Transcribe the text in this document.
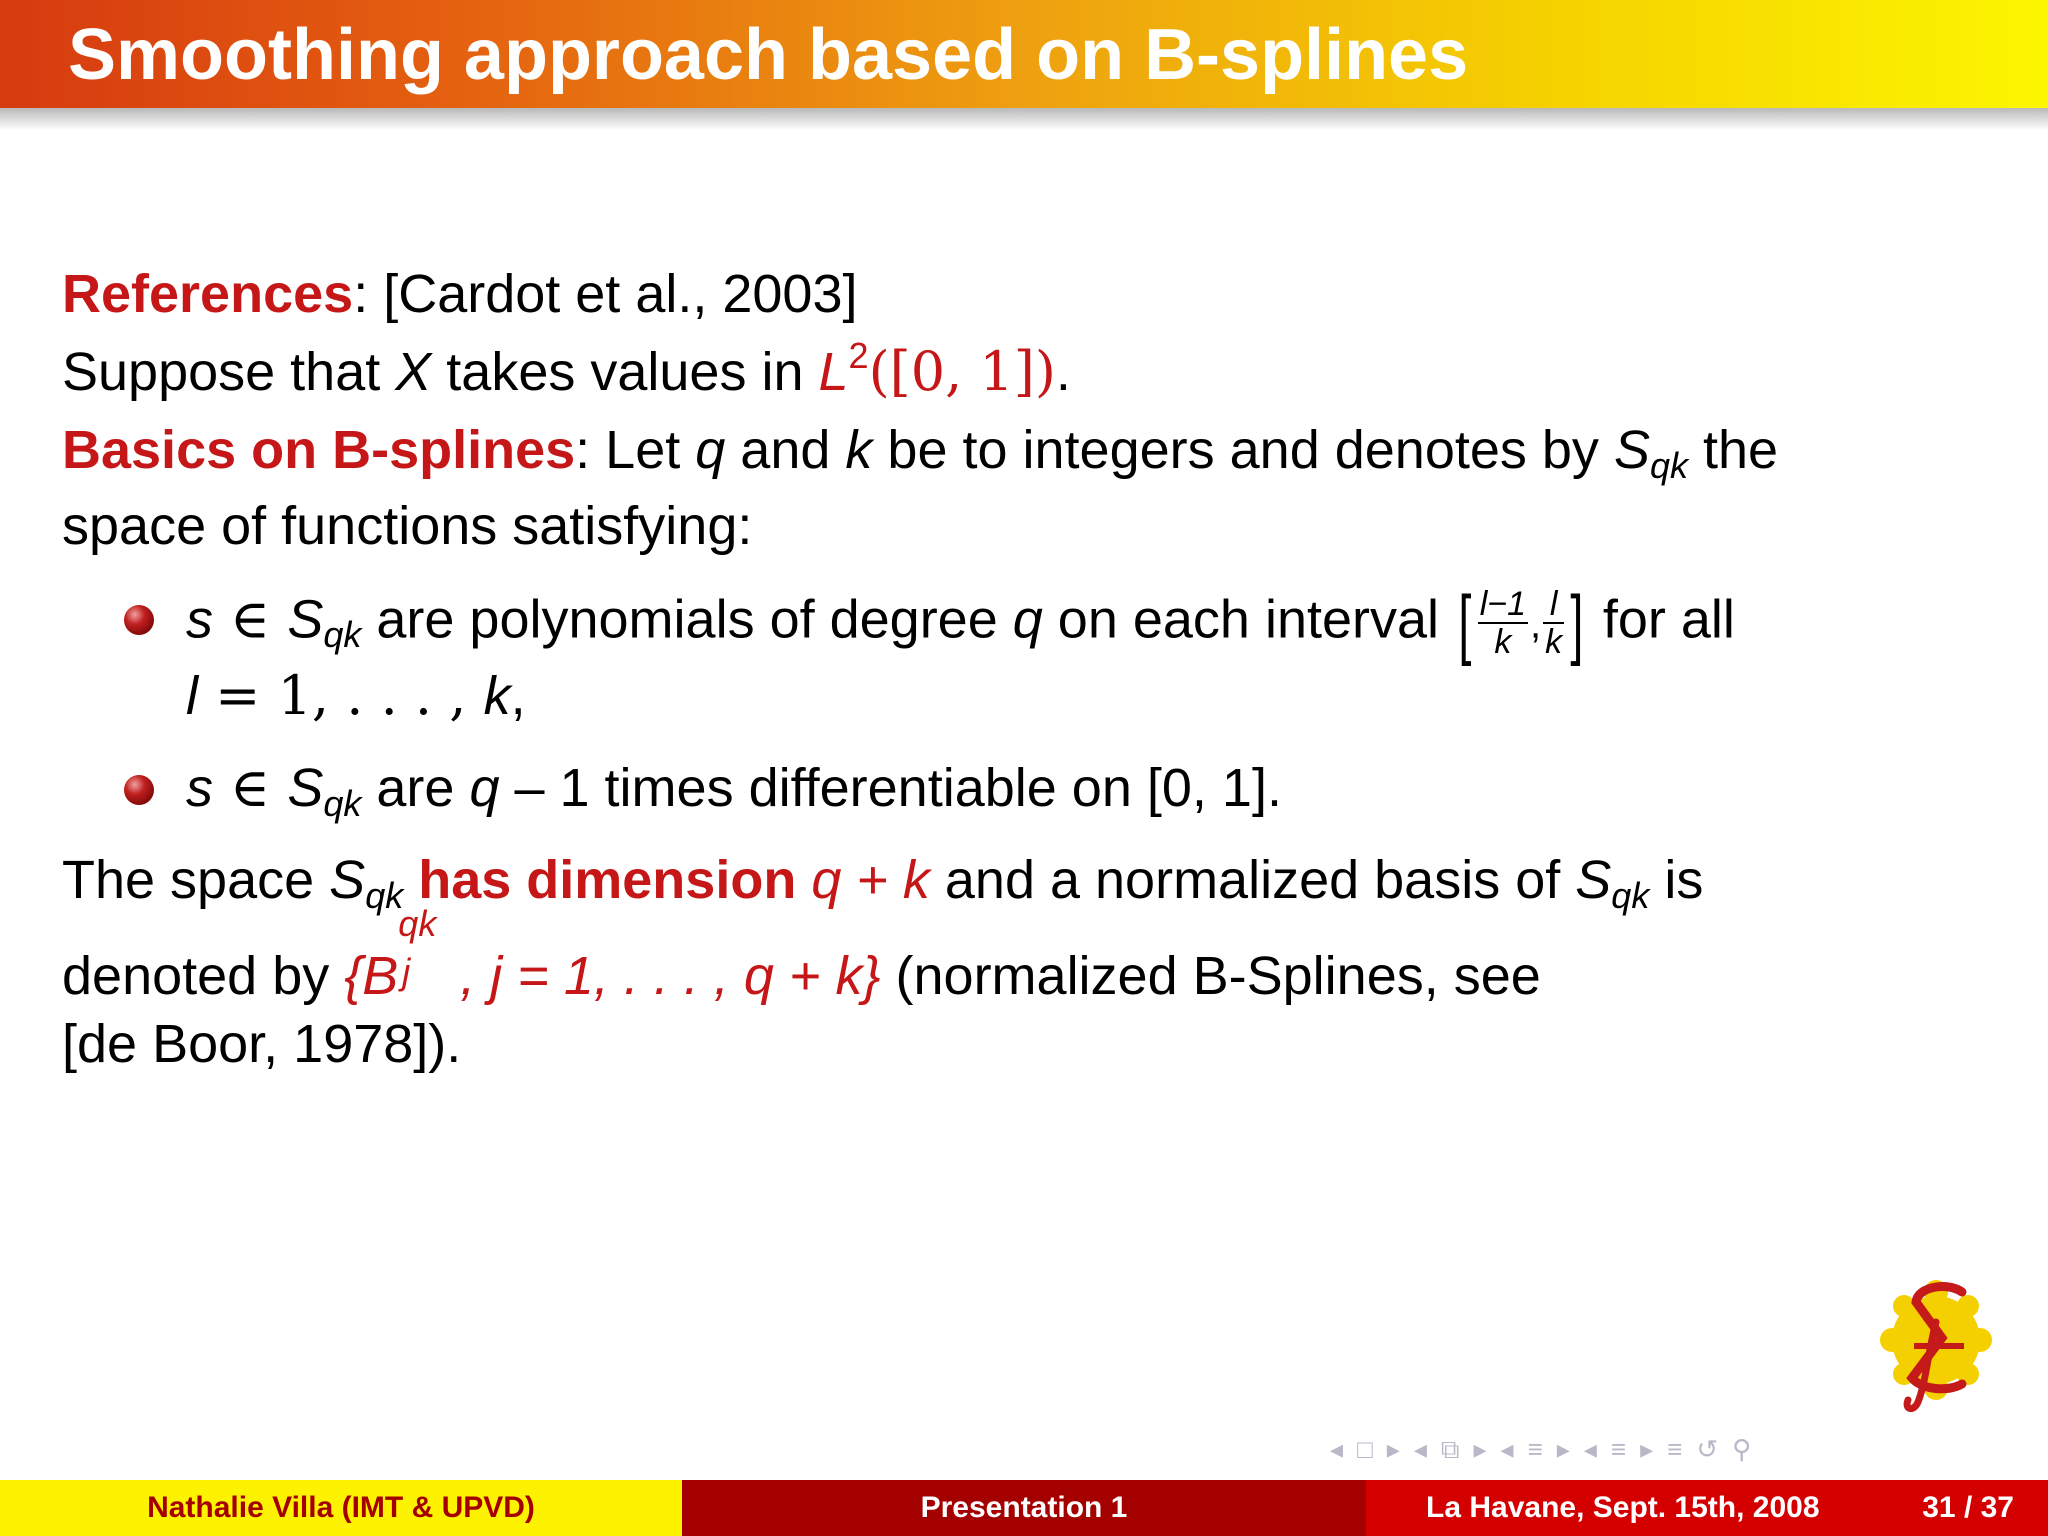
Smoothing approach based on B-splines
References: [Cardot et al., 2003]
Suppose that X takes values in $L^2([0$, 1]).
Basics on B-splines: Let q and k be to integers and denotes by Sqk the
space of functions satisfying:
s ∈ Sqk are polynomials of degree q on each interval [ $\frac{l-1}{k}$ , $\frac{l}{k}$ ] for all
l = 1, . . . , k,
s ∈ Sqk are q – 1 times differentiable on [0, 1].
The space Sqk has dimension q + k and a normalized basis of Sqk is
denoted by {B
qk
j , j = 1, . . . , q + k} (normalized B-Splines, see
[de Boor, 1978]).
◂ □ ▸ ◂ ⧉ ▸ ◂ ≡ ▸ ◂ ≡ ▸ ≡ ↺ ⚲
Nathalie Villa (IMT & UPVD)	Presentation 1	La Havane, Sept. 15th, 2008	31 / 37
